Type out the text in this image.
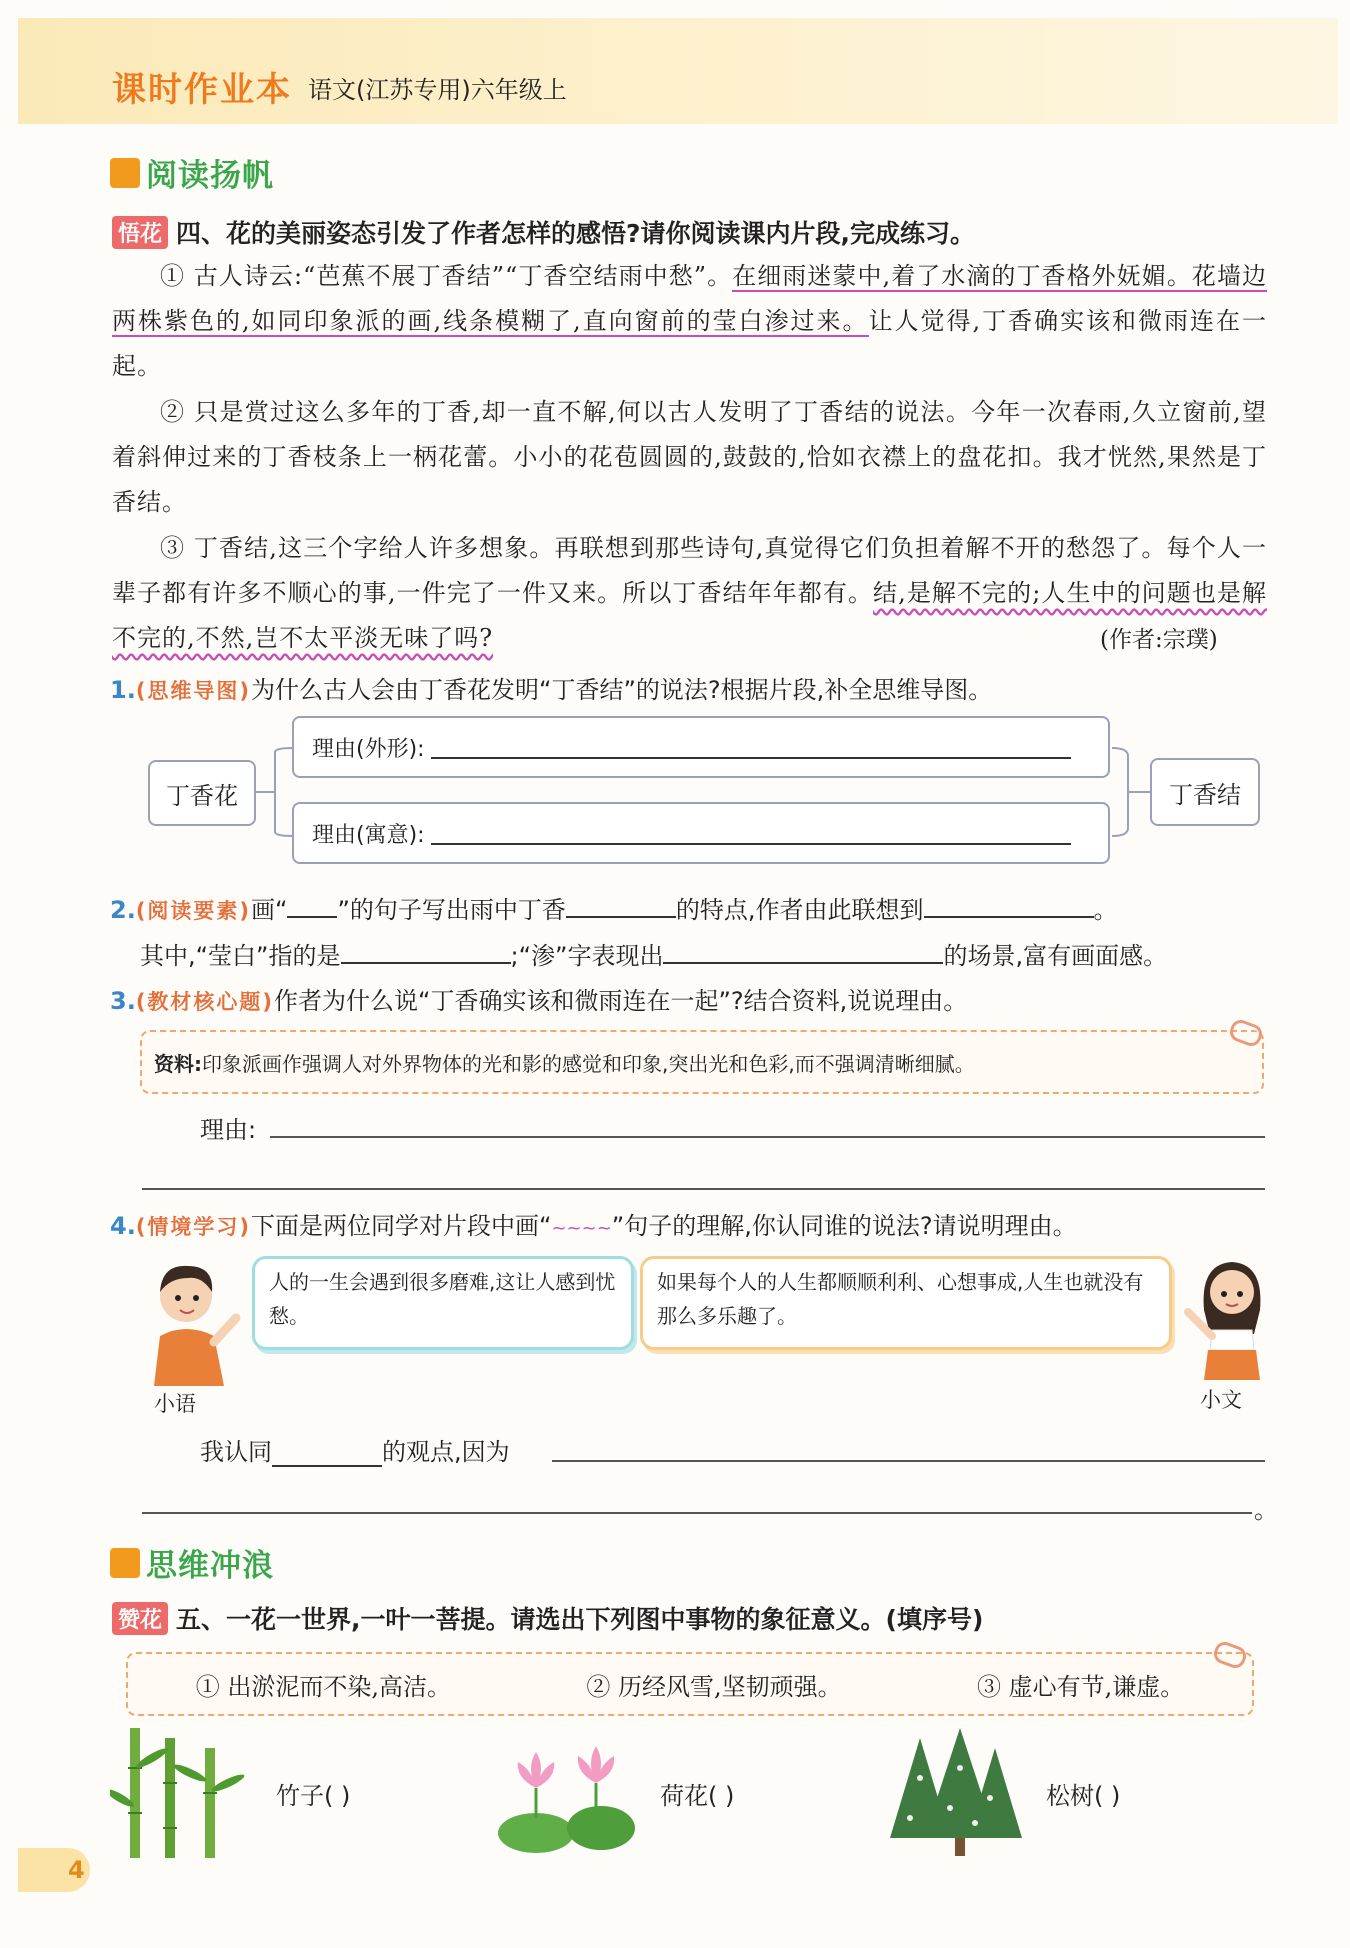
课时作业本 语文(江苏专用)六年级上
阅读扬帆
悟花 四、花的美丽姿态引发了作者怎样的感悟?请你阅读课内片段,完成练习。
① 古人诗云:“芭蕉不展丁香结”“丁香空结雨中愁”。在细雨迷蒙中,着了水滴的丁香格外妩媚。花墙边两株紫色的,如同印象派的画,线条模糊了,直向窗前的莹白渗过来。让人觉得,丁香确实该和微雨连在一起。
② 只是赏过这么多年的丁香,却一直不解,何以古人发明了丁香结的说法。今年一次春雨,久立窗前,望着斜伸过来的丁香枝条上一柄花蕾。小小的花苞圆圆的,鼓鼓的,恰如衣襟上的盘花扣。我才恍然,果然是丁香结。
③ 丁香结,这三个字给人许多想象。再联想到那些诗句,真觉得它们负担着解不开的愁怨了。每个人一辈子都有许多不顺心的事,一件完了一件又来。所以丁香结年年都有。结,是解不完的;人生中的问题也是解不完的,不然,岂不太平淡无味了吗?	(作者:宗璞)
1.(思维导图)为什么古人会由丁香花发明“丁香结”的说法?根据片段,补全思维导图。
丁香花
理由(外形):
理由(寓意):
丁香结
2.(阅读要素)画“ ”的句子写出雨中丁香	的特点,作者由此联想到	。
其中,“莹白”指的是	;“渗”字表现出	的场景,富有画面感。
3.(教材核心题)作者为什么说“丁香确实该和微雨连在一起”?结合资料,说说理由。
资料: 印象派画作强调人对外界物体的光和影的感觉和印象,突出光和色彩,而不强调清晰细腻。
理由:
4.(情境学习)下面是两位同学对片段中画“~~~~”句子的理解,你认同谁的说法?请说明理由。
小语
人的一生会遇到很多磨难,这让人感到忧愁。
如果每个人的人生都顺顺利利、心想事成,人生也就没有那么多乐趣了。
小文
我认同	的观点,因为
。
思维冲浪
赞花 五、一花一世界,一叶一菩提。请选出下列图中事物的象征意义。(填序号)
① 出淤泥而不染,高洁。	② 历经风雪,坚韧顽强。	③ 虚心有节,谦虚。
竹子( )	荷花( )	松树( )
4
